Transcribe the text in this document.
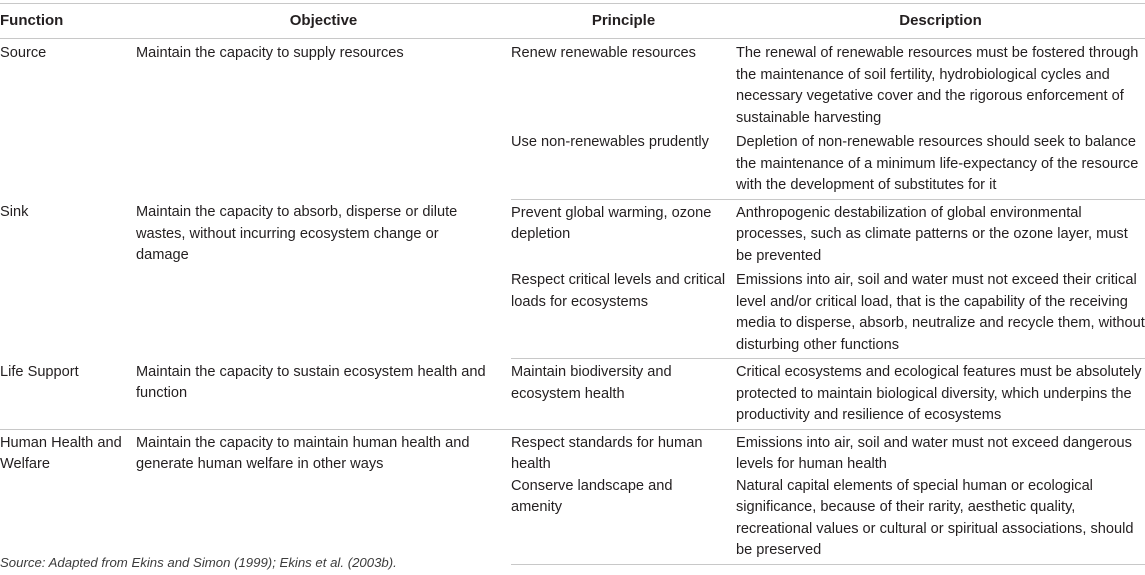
Function	Objective	Principle	Description
Source	Maintain the capacity to supply resources	Renew renewable resources	The renewal of renewable resources must be fostered through the maintenance of soil fertility, hydrobiological cycles and necessary vegetative cover and the rigorous enforcement of sustainable harvesting
		Use non-renewables prudently	Depletion of non-renewable resources should seek to balance the maintenance of a minimum life-expectancy of the resource with the development of substitutes for it
Sink	Maintain the capacity to absorb, disperse or dilute wastes, without incurring ecosystem change or damage	Prevent global warming, ozone depletion	Anthropogenic destabilization of global environmental processes, such as climate patterns or the ozone layer, must be prevented
		Respect critical levels and critical loads for ecosystems	Emissions into air, soil and water must not exceed their critical level and/or critical load, that is the capability of the receiving media to disperse, absorb, neutralize and recycle them, without disturbing other functions
Life Support	Maintain the capacity to sustain ecosystem health and function	Maintain biodiversity and ecosystem health	Critical ecosystems and ecological features must be absolutely protected to maintain biological diversity, which underpins the productivity and resilience of ecosystems
Human Health and Welfare	Maintain the capacity to maintain human health and generate human welfare in other ways	Respect standards for human health	Emissions into air, soil and water must not exceed dangerous levels for human health
		Conserve landscape and amenity	Natural capital elements of special human or ecological significance, because of their rarity, aesthetic quality, recreational values or cultural or spiritual associations, should be preserved
Source: Adapted from Ekins and Simon (1999); Ekins et al. (2003b).
